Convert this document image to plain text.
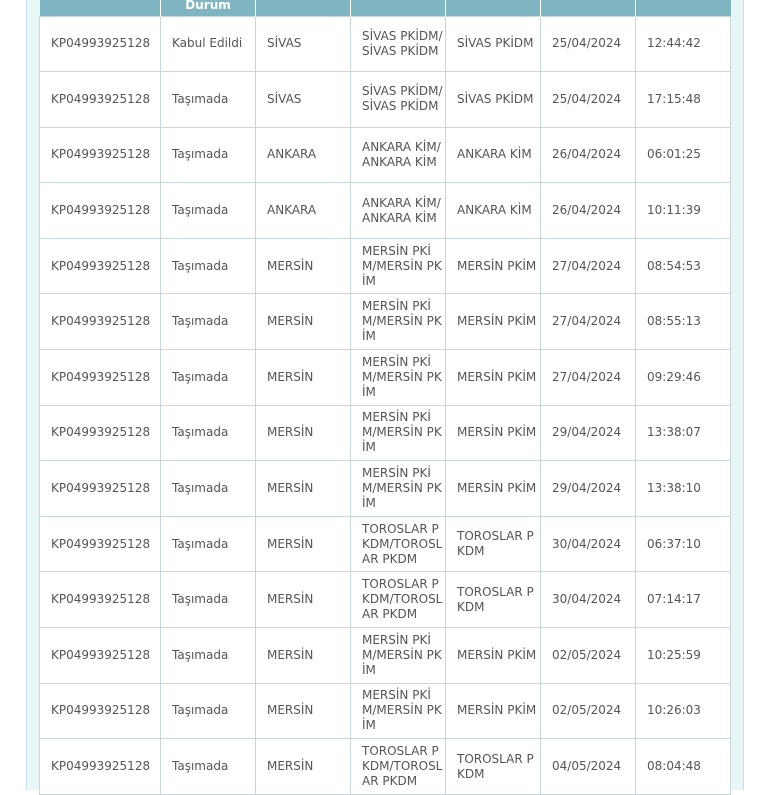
	Durum					
KP04993925128	Kabul Edildi	SİVAS	SİVAS PKİDM/SİVAS PKİDM	SİVAS PKİDM	25/04/2024	12:44:42
KP04993925128	Taşımada	SİVAS	SİVAS PKİDM/SİVAS PKİDM	SİVAS PKİDM	25/04/2024	17:15:48
KP04993925128	Taşımada	ANKARA	ANKARA KİM/ANKARA KİM	ANKARA KİM	26/04/2024	06:01:25
KP04993925128	Taşımada	ANKARA	ANKARA KİM/ANKARA KİM	ANKARA KİM	26/04/2024	10:11:39
KP04993925128	Taşımada	MERSİN	MERSİN PKİM/MERSİN PKİM	MERSİN PKİM	27/04/2024	08:54:53
KP04993925128	Taşımada	MERSİN	MERSİN PKİM/MERSİN PKİM	MERSİN PKİM	27/04/2024	08:55:13
KP04993925128	Taşımada	MERSİN	MERSİN PKİM/MERSİN PKİM	MERSİN PKİM	27/04/2024	09:29:46
KP04993925128	Taşımada	MERSİN	MERSİN PKİM/MERSİN PKİM	MERSİN PKİM	29/04/2024	13:38:07
KP04993925128	Taşımada	MERSİN	MERSİN PKİM/MERSİN PKİM	MERSİN PKİM	29/04/2024	13:38:10
KP04993925128	Taşımada	MERSİN	TOROSLAR PKDM/TOROSLAR PKDM	TOROSLAR PKDM	30/04/2024	06:37:10
KP04993925128	Taşımada	MERSİN	TOROSLAR PKDM/TOROSLAR PKDM	TOROSLAR PKDM	30/04/2024	07:14:17
KP04993925128	Taşımada	MERSİN	MERSİN PKİM/MERSİN PKİM	MERSİN PKİM	02/05/2024	10:25:59
KP04993925128	Taşımada	MERSİN	MERSİN PKİM/MERSİN PKİM	MERSİN PKİM	02/05/2024	10:26:03
KP04993925128	Taşımada	MERSİN	TOROSLAR PKDM/TOROSLAR PKDM	TOROSLAR PKDM	04/05/2024	08:04:48
